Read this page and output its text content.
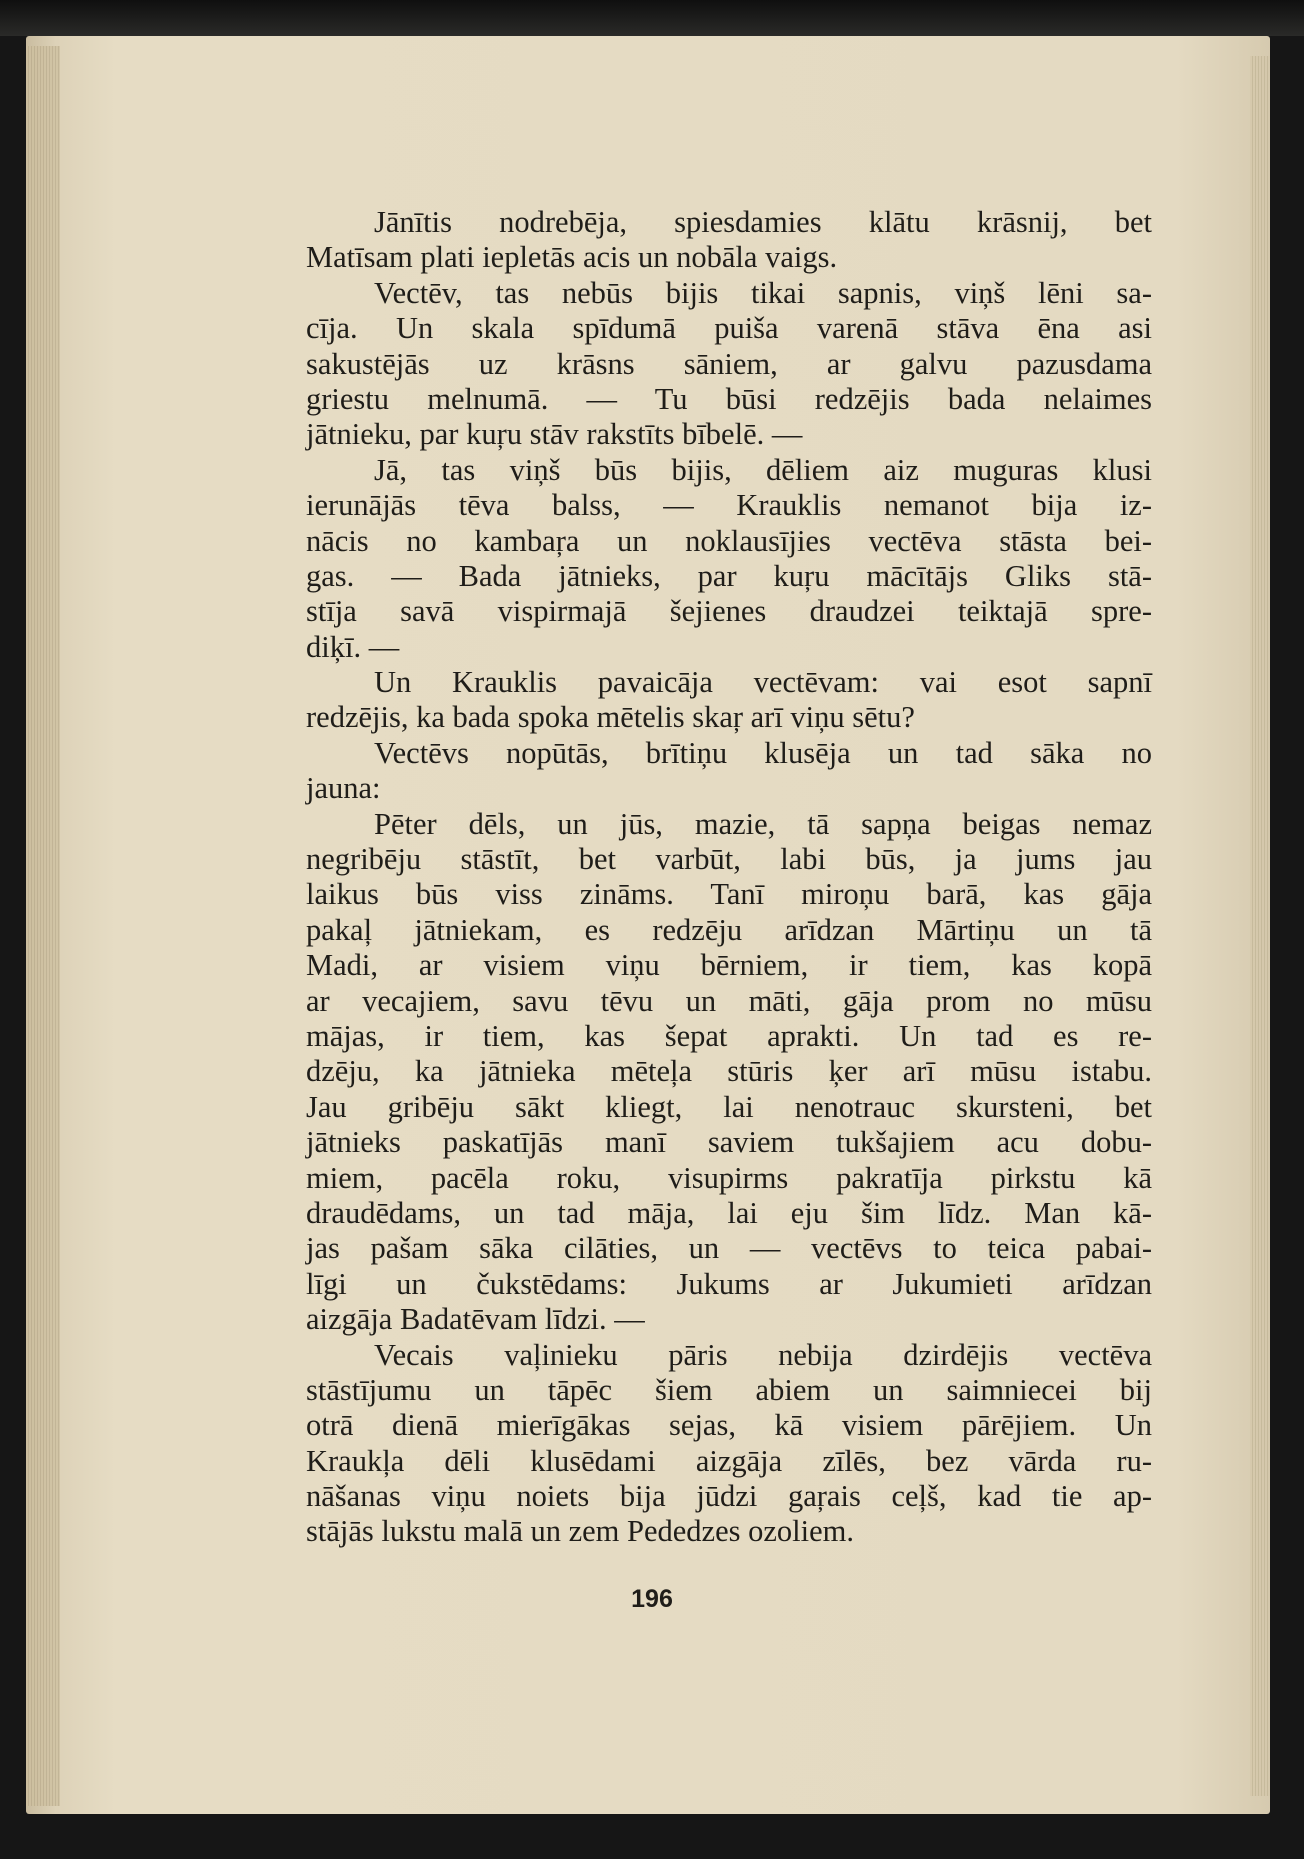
Jānītis nodrebēja, spiesdamies klātu krāsnij, bet
Matīsam plati iepletās acis un nobāla vaigs.
Vectēv, tas nebūs bijis tikai sapnis, viņš lēni sa-
cīja. Un skala spīdumā puiša varenā stāva ēna asi
sakustējās uz krāsns sāniem, ar galvu pazusdama
griestu melnumā. — Tu būsi redzējis bada nelaimes
jātnieku, par kuŗu stāv rakstīts bībelē. —
Jā, tas viņš būs bijis, dēliem aiz muguras klusi
ierunājās tēva balss, — Krauklis nemanot bija iz-
nācis no kambaŗa un noklausījies vectēva stāsta bei-
gas. — Bada jātnieks, par kuŗu mācītājs Gliks stā-
stīja savā vispirmajā šejienes draudzei teiktajā spre-
diķī. —
Un Krauklis pavaicāja vectēvam: vai esot sapnī
redzējis, ka bada spoka mētelis skaŗ arī viņu sētu?
Vectēvs nopūtās, brītiņu klusēja un tad sāka no
jauna:
Pēter dēls, un jūs, mazie, tā sapņa beigas nemaz
negribēju stāstīt, bet varbūt, labi būs, ja jums jau
laikus būs viss zināms. Tanī miroņu barā, kas gāja
pakaļ jātniekam, es redzēju arīdzan Mārtiņu un tā
Madi, ar visiem viņu bērniem, ir tiem, kas kopā
ar vecajiem, savu tēvu un māti, gāja prom no mūsu
mājas, ir tiem, kas šepat aprakti. Un tad es re-
dzēju, ka jātnieka mēteļa stūris ķer arī mūsu istabu.
Jau gribēju sākt kliegt, lai nenotrauc skursteni, bet
jātnieks paskatījās manī saviem tukšajiem acu dobu-
miem, pacēla roku, visupirms pakratīja pirkstu kā
draudēdams, un tad māja, lai eju šim līdz. Man kā-
jas pašam sāka cilāties, un — vectēvs to teica pabai-
līgi un čukstēdams: Jukums ar Jukumieti arīdzan
aizgāja Badatēvam līdzi. —
Vecais vaļinieku pāris nebija dzirdējis vectēva
stāstījumu un tāpēc šiem abiem un saimniecei bij
otrā dienā mierīgākas sejas, kā visiem pārējiem. Un
Kraukļa dēli klusēdami aizgāja zīlēs, bez vārda ru-
nāšanas viņu noiets bija jūdzi gaŗais ceļš, kad tie ap-
stājās lukstu malā un zem Pededzes ozoliem.
196
